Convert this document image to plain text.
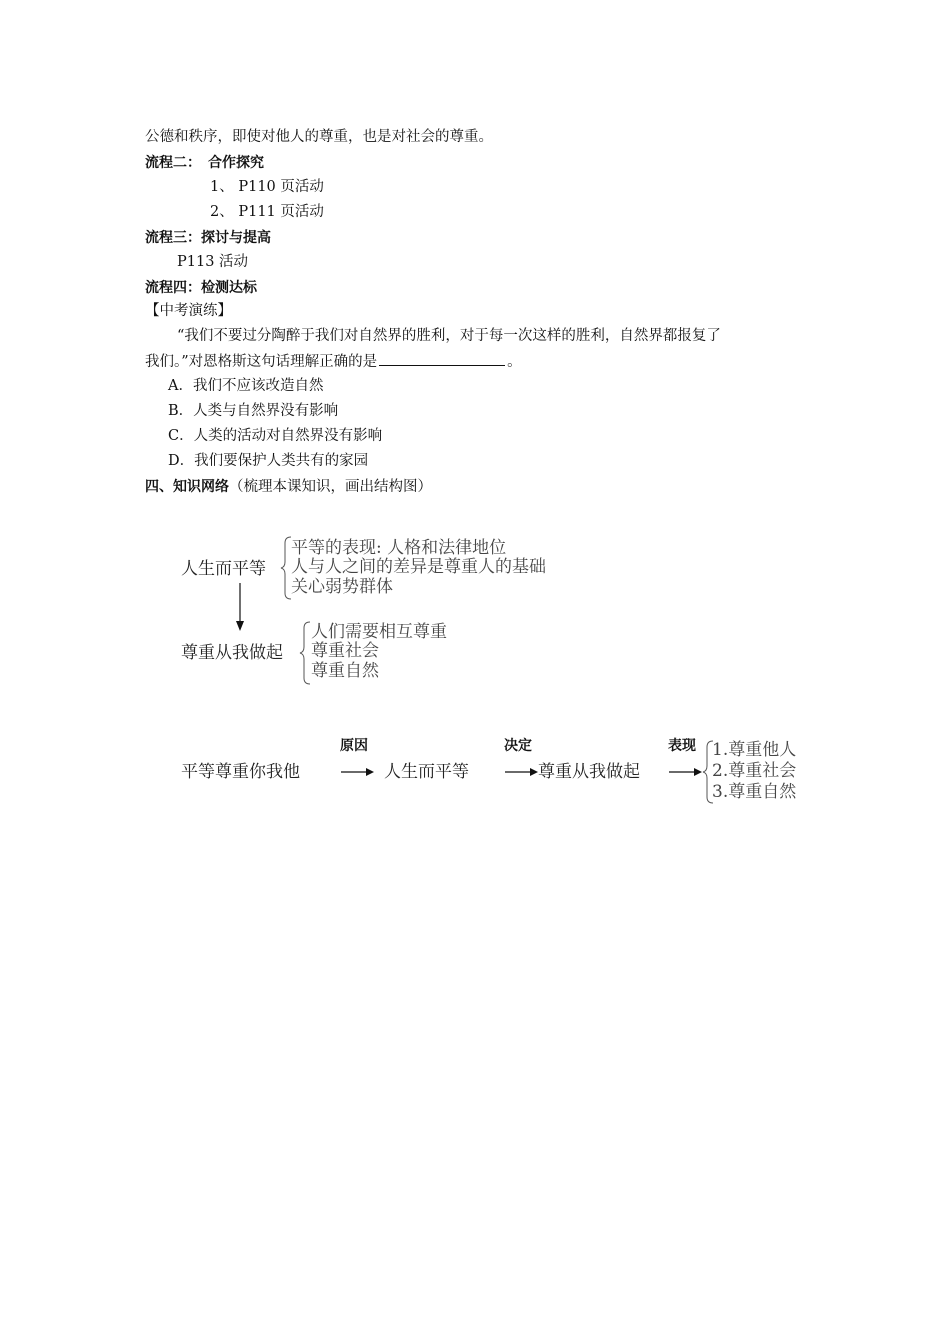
公德和秩序，即使对他人的尊重，也是对社会的尊重。
流程二：　合作探究
1、 P110 页活动
2、 P111 页活动
流程三：探讨与提高
P113 活动
流程四：检测达标
【中考演练】
“我们不要过分陶醉于我们对自然界的胜利，对于每一次这样的胜利，自然界都报复了
我们。”对恩格斯这句话理解正确的是	。
A．我们不应该改造自然
B．人类与自然界没有影响
C．人类的活动对自然界没有影响
D．我们要保护人类共有的家园
四、知识网络（梳理本课知识，画出结构图）
人生而平等
平等的表现: 人格和法律地位
人与人之间的差异是尊重人的基础
关心弱势群体
尊重从我做起
人们需要相互尊重
尊重社会
尊重自然
原因	决定	表现
平等尊重你我他	人生而平等	尊重从我做起
1.尊重他人
2.尊重社会
3.尊重自然
